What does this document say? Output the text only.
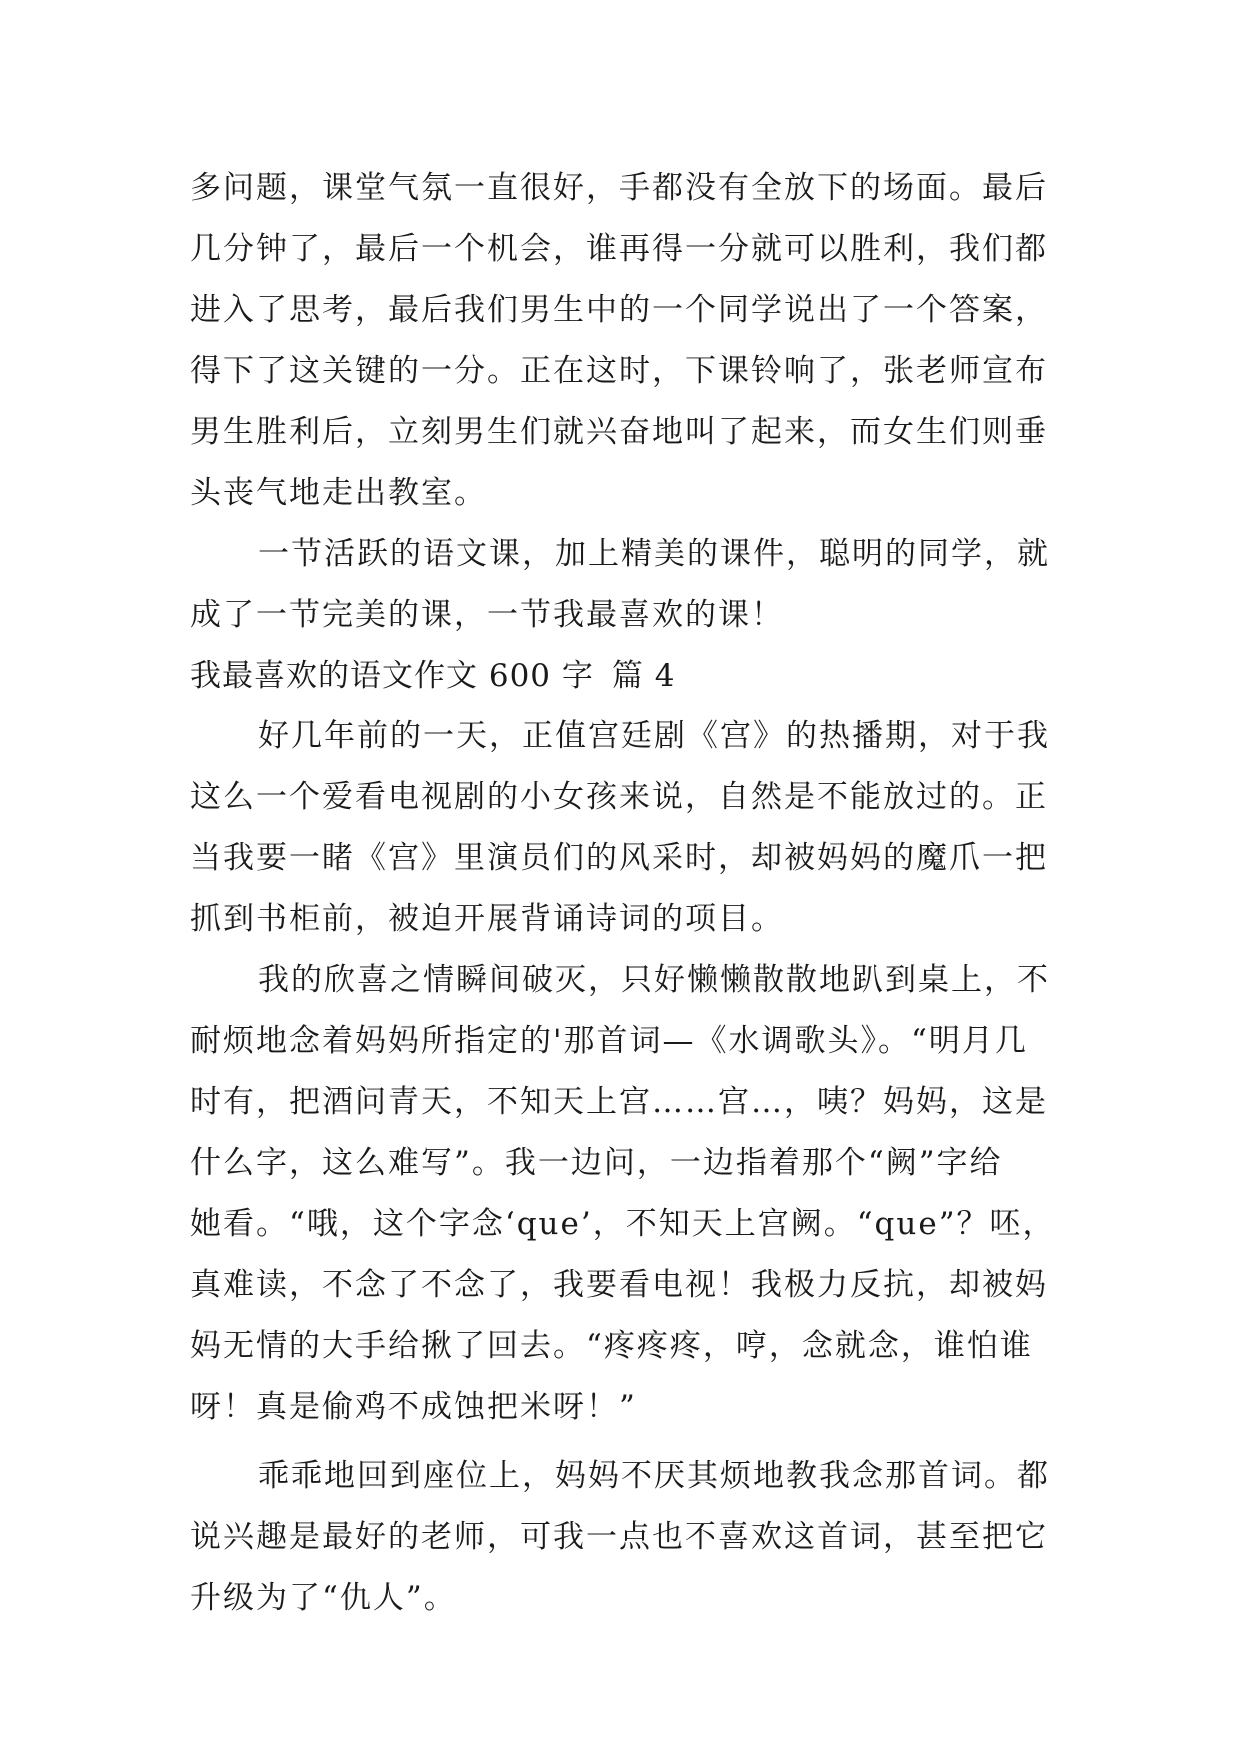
多问题，课堂气氛一直很好，手都没有全放下的场面。最后
几分钟了，最后一个机会，谁再得一分就可以胜利，我们都
进入了思考，最后我们男生中的一个同学说出了一个答案，
得下了这关键的一分。正在这时，下课铃响了，张老师宣布
男生胜利后，立刻男生们就兴奋地叫了起来，而女生们则垂
头丧气地走出教室。
一节活跃的语文课，加上精美的课件，聪明的同学，就
成了一节完美的课，一节我最喜欢的课！
我最喜欢的语文作文 600 字 篇 4
好几年前的一天，正值宫廷剧《宫》的热播期，对于我
这么一个爱看电视剧的小女孩来说，自然是不能放过的。正
当我要一睹《宫》里演员们的风采时，却被妈妈的魔爪一把
抓到书柜前，被迫开展背诵诗词的项目。
我的欣喜之情瞬间破灭，只好懒懒散散地趴到桌上，不
耐烦地念着妈妈所指定的'那首词—《水调歌头》。“明月几
时有，把酒问青天，不知天上宫……宫…，咦？妈妈，这是
什么字，这么难写”。我一边问，一边指着那个“阙”字给
她看。“哦，这个字念‘que’，不知天上宫阙。“que”？呸，
真难读，不念了不念了，我要看电视！我极力反抗，却被妈
妈无情的大手给揪了回去。“疼疼疼，哼，念就念，谁怕谁
呀！真是偷鸡不成蚀把米呀！”
乖乖地回到座位上，妈妈不厌其烦地教我念那首词。都
说兴趣是最好的老师，可我一点也不喜欢这首词，甚至把它
升级为了“仇人”。
